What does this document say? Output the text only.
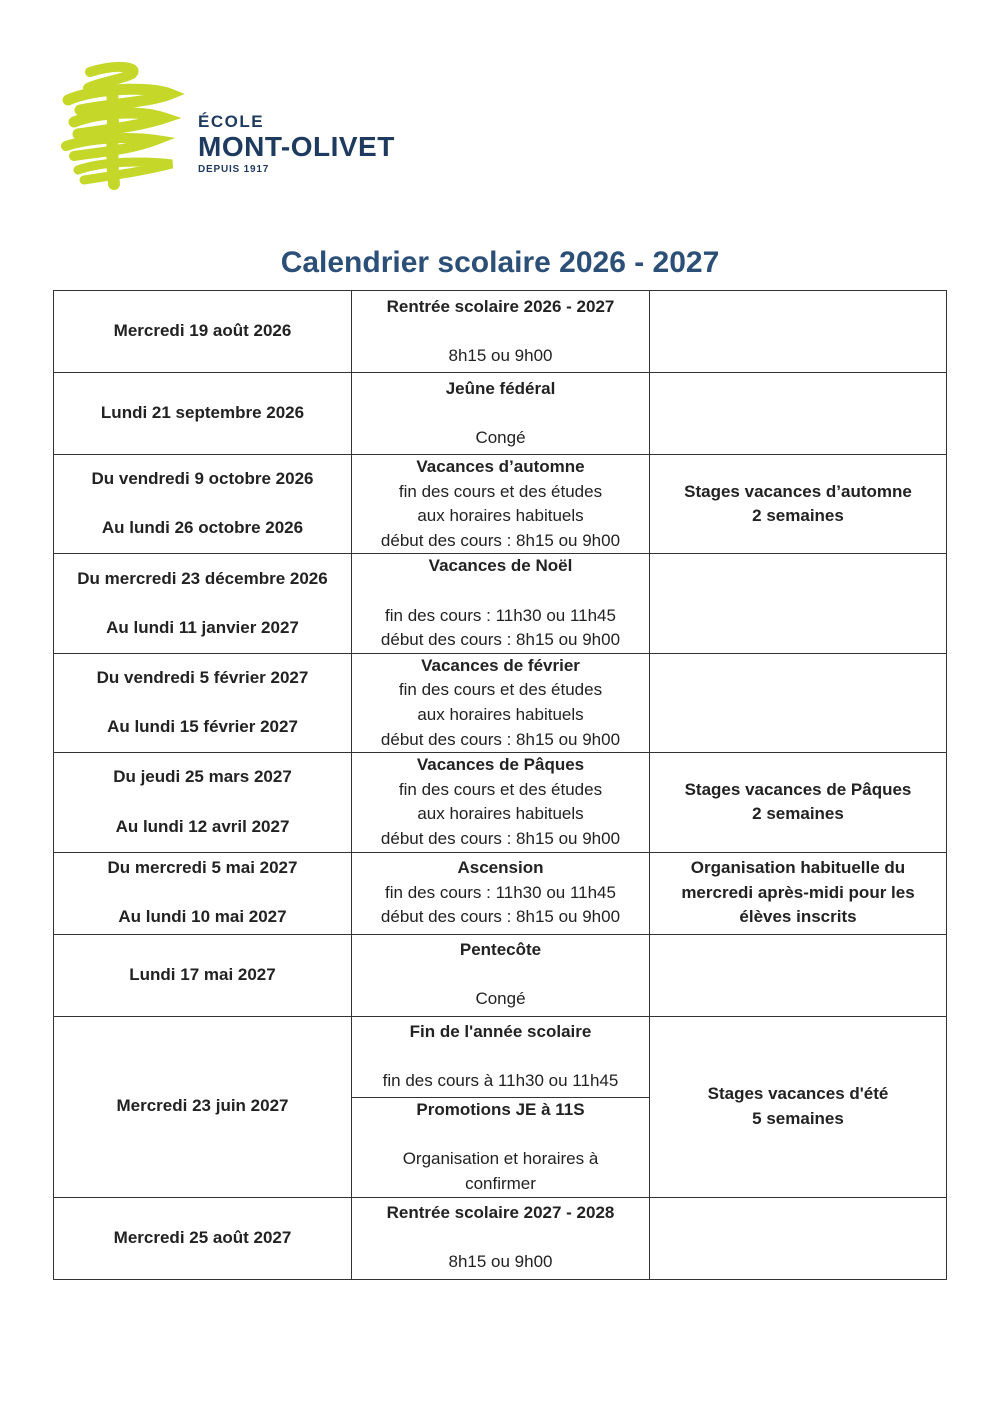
ÉCOLE
MONT-OLIVET
DEPUIS 1917
Calendrier scolaire 2026 - 2027
Mercredi 19 août 2026	Rentrée scolaire 2026 - 2027
8h15 ou 9h00	

Lundi 21 septembre 2026	Jeûne fédéral
Congé	

Du vendredi 9 octobre 2026
Au lundi 26 octobre 2026	Vacances d’automne
fin des cours et des études
aux horaires habituels
début des cours : 8h15 ou 9h00	Stages vacances d’automne
2 semaines

Du mercredi 23 décembre 2026
Au lundi 11 janvier 2027	Vacances de Noël
fin des cours : 11h30 ou 11h45
début des cours : 8h15 ou 9h00	

Du vendredi 5 février 2027
Au lundi 15 février 2027	Vacances de février
fin des cours et des études
aux horaires habituels
début des cours : 8h15 ou 9h00	

Du jeudi 25 mars 2027
Au lundi 12 avril 2027	Vacances de Pâques
fin des cours et des études
aux horaires habituels
début des cours : 8h15 ou 9h00	Stages vacances de Pâques
2 semaines

Du mercredi 5 mai 2027
Au lundi 10 mai 2027	Ascension
fin des cours : 11h30 ou 11h45
début des cours : 8h15 ou 9h00	Organisation habituelle du
mercredi après-midi pour les
élèves inscrits

Lundi 17 mai 2027	Pentecôte
Congé	

Mercredi 23 juin 2027	Fin de l'année scolaire
fin des cours à 11h30 ou 11h45	Stages vacances d'été
5 semaines

	Promotions JE à 11S
Organisation et horaires à
confirmer	

Mercredi 25 août 2027	Rentrée scolaire 2027 - 2028
8h15 ou 9h00	
